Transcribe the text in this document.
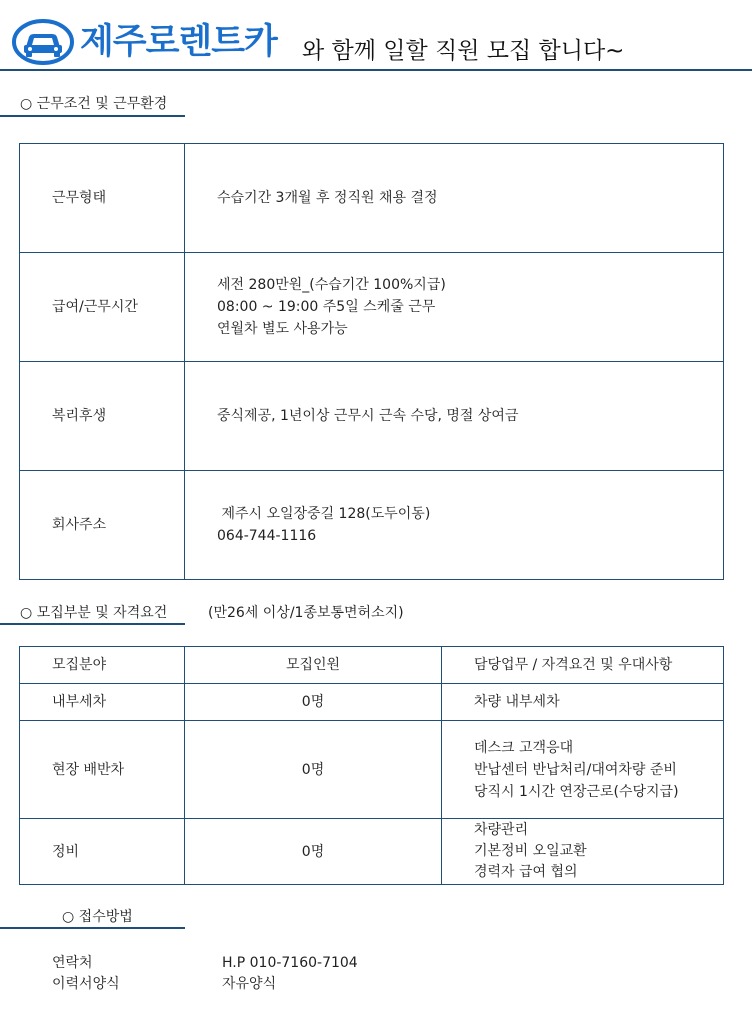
제주로렌트카 와 함께 일할 직원 모집 합니다~
○ 근무조건 및 근무환경
근무형태	수습기간 3개월 후 정직원 채용 결정

급여/근무시간	세전 280만원_(수습기간 100%지급)
08:00 ~ 19:00 주5일 스케줄 근무
연월차 별도 사용가능

복리후생	중식제공, 1년이상 근무시 근속 수당, 명절 상여금

회사주소	제주시 오일장중길 128(도두이동)
064-744-1116
○ 모집부분 및 자격요건	(만26세 이상/1종보통면허소지)
모집분야	모집인원	담당업무 / 자격요건 및 우대사항
내부세차	0명	차량 내부세차

현장 배반차	0명	데스크 고객응대
반납센터 반납처리/대여차량 준비
당직시 1시간 연장근로(수당지급)

정비	0명	차량관리
기본정비 오일교환
경력자 급여 협의
○ 접수방법
연락처	H.P 010-7160-7104
이력서양식	자유양식
